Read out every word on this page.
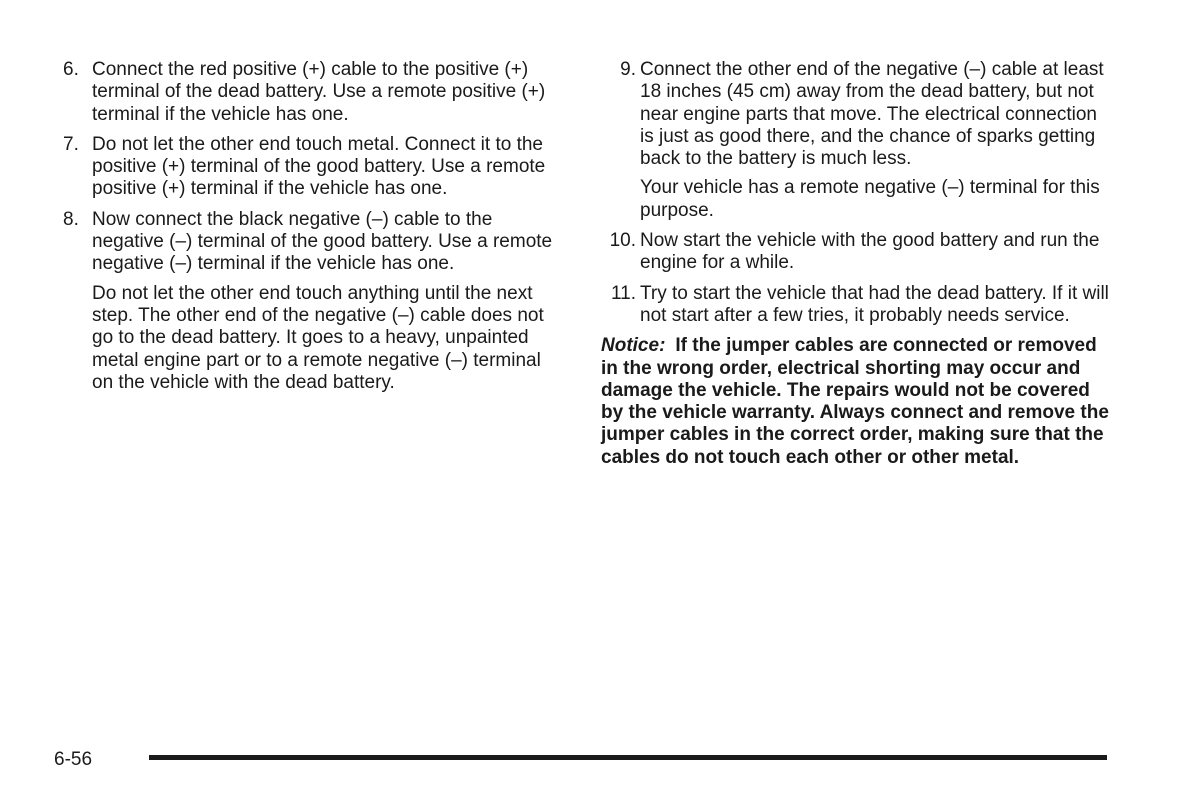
6. Connect the red positive (+) cable to the positive (+) terminal of the dead battery. Use a remote positive (+) terminal if the vehicle has one.

7. Do not let the other end touch metal. Connect it to the positive (+) terminal of the good battery. Use a remote positive (+) terminal if the vehicle has one.

8. Now connect the black negative (–) cable to the negative (–) terminal of the good battery. Use a remote negative (–) terminal if the vehicle has one.

Do not let the other end touch anything until the next step. The other end of the negative (–) cable does not go to the dead battery. It goes to a heavy, unpainted metal engine part or to a remote negative (–) terminal on the vehicle with the dead battery.

9. Connect the other end of the negative (–) cable at least 18 inches (45 cm) away from the dead battery, but not near engine parts that move. The electrical connection is just as good there, and the chance of sparks getting back to the battery is much less.

Your vehicle has a remote negative (–) terminal for this purpose.

10. Now start the vehicle with the good battery and run the engine for a while.

11. Try to start the vehicle that had the dead battery. If it will not start after a few tries, it probably needs service.

Notice: If the jumper cables are connected or removed in the wrong order, electrical shorting may occur and damage the vehicle. The repairs would not be covered by the vehicle warranty. Always connect and remove the jumper cables in the correct order, making sure that the cables do not touch each other or other metal.
6-56
